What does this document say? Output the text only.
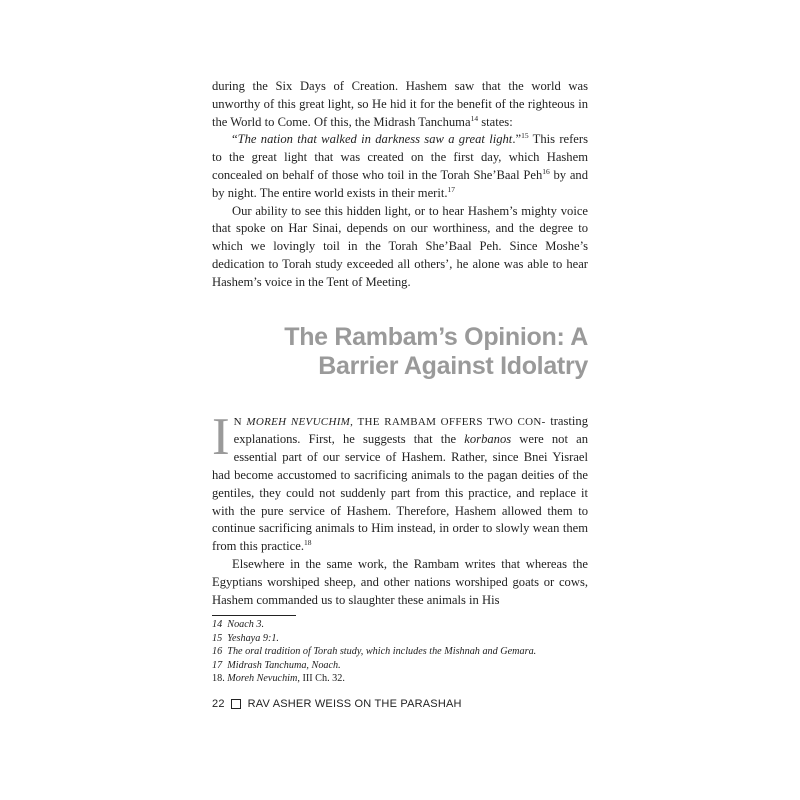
during the Six Days of Creation. Hashem saw that the world was unworthy of this great light, so He hid it for the benefit of the righteous in the World to Come. Of this, the Midrash Tanchuma$^{14}$ states:

“The nation that walked in darkness saw a great light.”$^{15}$ This refers to the great light that was created on the first day, which Hashem concealed on behalf of those who toil in the Torah She’Baal Peh$^{16}$ by and by night. The entire world exists in their merit.$^{17}$

Our ability to see this hidden light, or to hear Hashem’s mighty voice that spoke on Har Sinai, depends on our worthiness, and the degree to which we lovingly toil in the Torah She’Baal Peh. Since Moshe’s dedication to Torah study exceeded all others’, he alone was able to hear Hashem’s voice in the Tent of Meeting.

The Rambam’s Opinion: A
Barrier Against Idolatry

I N MOREH NEVUCHIM, THE RAMBAM OFFERS TWO CON- trasting explanations. First, he suggests that the korbanos were not an essential part of our service of Hashem. Rather, since Bnei Yisrael had become accustomed to sacrificing animals to the pagan deities of the gentiles, they could not suddenly part from this practice, and replace it with the pure service of Hashem. Therefore, Hashem allowed them to continue sacrificing animals to Him instead, in order to slowly wean them from this practice.$^{18}$

Elsewhere in the same work, the Rambam writes that whereas the Egyptians worshiped sheep, and other nations worshiped goats or cows, Hashem commanded us to slaughter these animals in His

14 Noach 3.

15 Yeshaya 9:1.

16 The oral tradition of Torah study, which includes the Mishnah and Gemara.

17 Midrash Tanchuma, Noach.

18. Moreh Nevuchim, III Ch. 32.

22 RAV ASHER WEISS ON THE PARASHAH
